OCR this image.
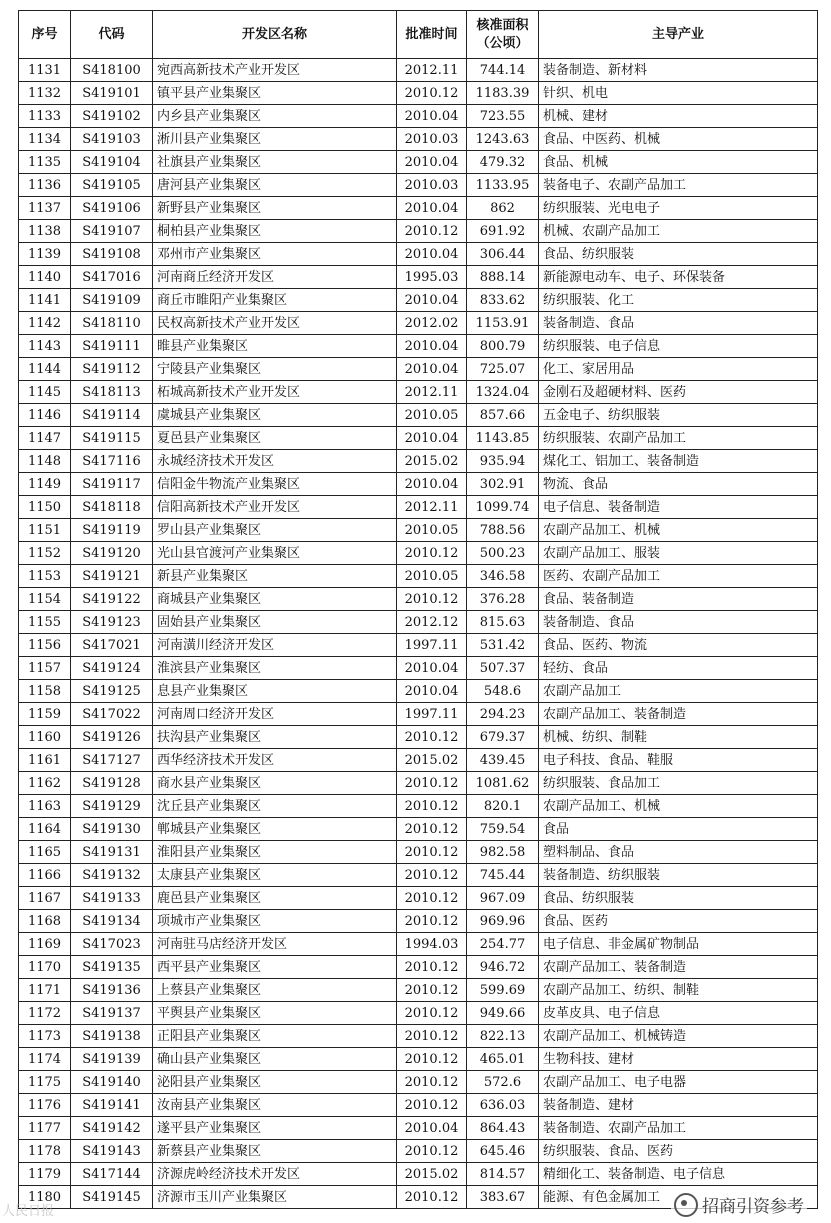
序号	代码	开发区名称	批准时间	核准面积
（公顷）	主导产业
1131	S418100	宛西高新技术产业开发区	2012.11	744.14	装备制造、新材料
1132	S419101	镇平县产业集聚区	2010.12	1183.39	针织、机电
1133	S419102	内乡县产业集聚区	2010.04	723.55	机械、建材
1134	S419103	淅川县产业集聚区	2010.03	1243.63	食品、中医药、机械
1135	S419104	社旗县产业集聚区	2010.04	479.32	食品、机械
1136	S419105	唐河县产业集聚区	2010.03	1133.95	装备电子、农副产品加工
1137	S419106	新野县产业集聚区	2010.04	862	纺织服装、光电电子
1138	S419107	桐柏县产业集聚区	2010.12	691.92	机械、农副产品加工
1139	S419108	邓州市产业集聚区	2010.04	306.44	食品、纺织服装
1140	S417016	河南商丘经济开发区	1995.03	888.14	新能源电动车、电子、环保装备
1141	S419109	商丘市睢阳产业集聚区	2010.04	833.62	纺织服装、化工
1142	S418110	民权高新技术产业开发区	2012.02	1153.91	装备制造、食品
1143	S419111	睢县产业集聚区	2010.04	800.79	纺织服装、电子信息
1144	S419112	宁陵县产业集聚区	2010.04	725.07	化工、家居用品
1145	S418113	柘城高新技术产业开发区	2012.11	1324.04	金刚石及超硬材料、医药
1146	S419114	虞城县产业集聚区	2010.05	857.66	五金电子、纺织服装
1147	S419115	夏邑县产业集聚区	2010.04	1143.85	纺织服装、农副产品加工
1148	S417116	永城经济技术开发区	2015.02	935.94	煤化工、铝加工、装备制造
1149	S419117	信阳金牛物流产业集聚区	2010.04	302.91	物流、食品
1150	S418118	信阳高新技术产业开发区	2012.11	1099.74	电子信息、装备制造
1151	S419119	罗山县产业集聚区	2010.05	788.56	农副产品加工、机械
1152	S419120	光山县官渡河产业集聚区	2010.12	500.23	农副产品加工、服装
1153	S419121	新县产业集聚区	2010.05	346.58	医药、农副产品加工
1154	S419122	商城县产业集聚区	2010.12	376.28	食品、装备制造
1155	S419123	固始县产业集聚区	2012.12	815.63	装备制造、食品
1156	S417021	河南潢川经济开发区	1997.11	531.42	食品、医药、物流
1157	S419124	淮滨县产业集聚区	2010.04	507.37	轻纺、食品
1158	S419125	息县产业集聚区	2010.04	548.6	农副产品加工
1159	S417022	河南周口经济开发区	1997.11	294.23	农副产品加工、装备制造
1160	S419126	扶沟县产业集聚区	2010.12	679.37	机械、纺织、制鞋
1161	S417127	西华经济技术开发区	2015.02	439.45	电子科技、食品、鞋服
1162	S419128	商水县产业集聚区	2010.12	1081.62	纺织服装、食品加工
1163	S419129	沈丘县产业集聚区	2010.12	820.1	农副产品加工、机械
1164	S419130	郸城县产业集聚区	2010.12	759.54	食品
1165	S419131	淮阳县产业集聚区	2010.12	982.58	塑料制品、食品
1166	S419132	太康县产业集聚区	2010.12	745.44	装备制造、纺织服装
1167	S419133	鹿邑县产业集聚区	2010.12	967.09	食品、纺织服装
1168	S419134	项城市产业集聚区	2010.12	969.96	食品、医药
1169	S417023	河南驻马店经济开发区	1994.03	254.77	电子信息、非金属矿物制品
1170	S419135	西平县产业集聚区	2010.12	946.72	农副产品加工、装备制造
1171	S419136	上蔡县产业集聚区	2010.12	599.69	农副产品加工、纺织、制鞋
1172	S419137	平舆县产业集聚区	2010.12	949.66	皮革皮具、电子信息
1173	S419138	正阳县产业集聚区	2010.12	822.13	农副产品加工、机械铸造
1174	S419139	确山县产业集聚区	2010.12	465.01	生物科技、建材
1175	S419140	泌阳县产业集聚区	2010.12	572.6	农副产品加工、电子电器
1176	S419141	汝南县产业集聚区	2010.12	636.03	装备制造、建材
1177	S419142	遂平县产业集聚区	2010.04	864.43	装备制造、农副产品加工
1178	S419143	新蔡县产业集聚区	2010.12	645.46	纺织服装、食品、医药
1179	S417144	济源虎岭经济技术开发区	2015.02	814.57	精细化工、装备制造、电子信息
1180	S419145	济源市玉川产业集聚区	2010.12	383.67	能源、有色金属加工
人民日报	招商引资参考
